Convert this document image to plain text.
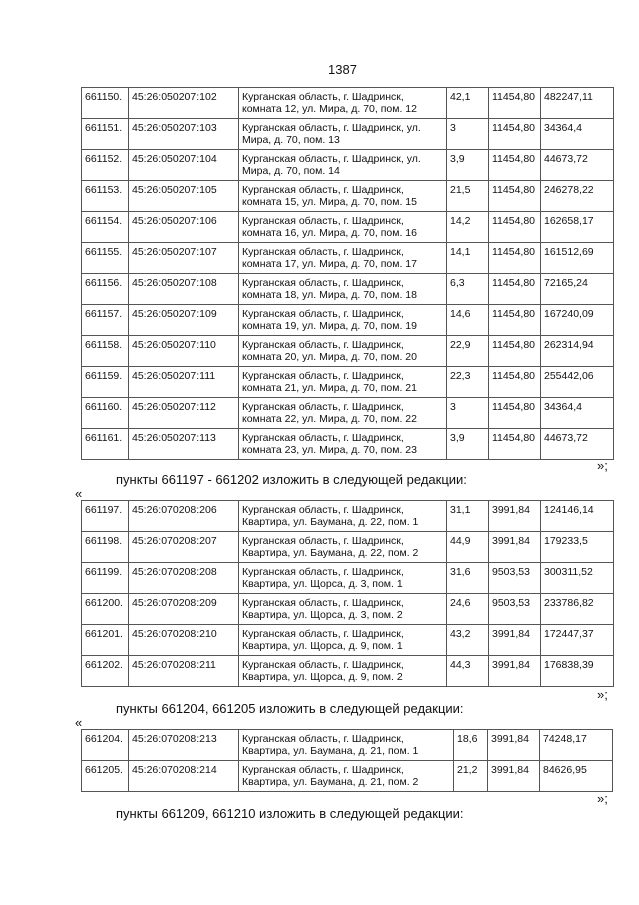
1387
661150.	45:26:050207:102	Курганская область, г. Шадринск, комната 12, ул. Мира, д. 70, пом. 12	42,1	11454,80	482247,11
661151.	45:26:050207:103	Курганская область, г. Шадринск, ул. Мира, д. 70, пом. 13	3	11454,80	34364,4
661152.	45:26:050207:104	Курганская область, г. Шадринск, ул. Мира, д. 70, пом. 14	3,9	11454,80	44673,72
661153.	45:26:050207:105	Курганская область, г. Шадринск, комната 15, ул. Мира, д. 70, пом. 15	21,5	11454,80	246278,22
661154.	45:26:050207:106	Курганская область, г. Шадринск, комната 16, ул. Мира, д. 70, пом. 16	14,2	11454,80	162658,17
661155.	45:26:050207:107	Курганская область, г. Шадринск, комната 17, ул. Мира, д. 70, пом. 17	14,1	11454,80	161512,69
661156.	45:26:050207:108	Курганская область, г. Шадринск, комната 18, ул. Мира, д. 70, пом. 18	6,3	11454,80	72165,24
661157.	45:26:050207:109	Курганская область, г. Шадринск, комната 19, ул. Мира, д. 70, пом. 19	14,6	11454,80	167240,09
661158.	45:26:050207:110	Курганская область, г. Шадринск, комната 20, ул. Мира, д. 70, пом. 20	22,9	11454,80	262314,94
661159.	45:26:050207:111	Курганская область, г. Шадринск, комната 21, ул. Мира, д. 70, пом. 21	22,3	11454,80	255442,06
661160.	45:26:050207:112	Курганская область, г. Шадринск, комната 22, ул. Мира, д. 70, пом. 22	3	11454,80	34364,4
661161.	45:26:050207:113	Курганская область, г. Шадринск, комната 23, ул. Мира, д. 70, пом. 23	3,9	11454,80	44673,72
»;
пункты 661197 - 661202 изложить в следующей редакции:
«
661197.	45:26:070208:206	Курганская область, г. Шадринск, Квартира, ул. Баумана, д. 22, пом. 1	31,1	3991,84	124146,14
661198.	45:26:070208:207	Курганская область, г. Шадринск, Квартира, ул. Баумана, д. 22, пом. 2	44,9	3991,84	179233,5
661199.	45:26:070208:208	Курганская область, г. Шадринск, Квартира, ул. Щорса, д. 3, пом. 1	31,6	9503,53	300311,52
661200.	45:26:070208:209	Курганская область, г. Шадринск, Квартира, ул. Щорса, д. 3, пом. 2	24,6	9503,53	233786,82
661201.	45:26:070208:210	Курганская область, г. Шадринск, Квартира, ул. Щорса, д. 9, пом. 1	43,2	3991,84	172447,37
661202.	45:26:070208:211	Курганская область, г. Шадринск, Квартира, ул. Щорса, д. 9, пом. 2	44,3	3991,84	176838,39
»;
пункты 661204, 661205 изложить в следующей редакции:
«
661204.	45:26:070208:213	Курганская область, г. Шадринск, Квартира, ул. Баумана, д. 21, пом. 1	18,6	3991,84	74248,17
661205.	45:26:070208:214	Курганская область, г. Шадринск, Квартира, ул. Баумана, д. 21, пом. 2	21,2	3991,84	84626,95
»;
пункты 661209, 661210 изложить в следующей редакции:
